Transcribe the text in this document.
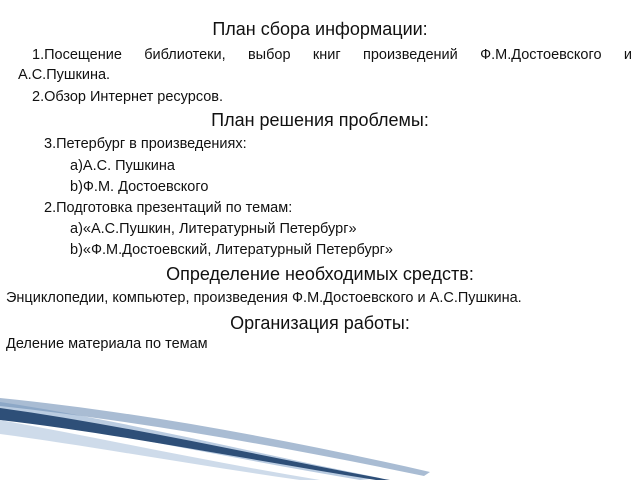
План сбора информации:
1.Посещение библиотеки, выбор книг произведений Ф.М.Достоевского и
А.С.Пушкина.
2.Обзор Интернет ресурсов.
План решения проблемы:
3.Петербург в произведениях:
a)А.С. Пушкина
b)Ф.М. Достоевского
2.Подготовка презентаций по темам:
a)«А.С.Пушкин, Литературный Петербург»
b)«Ф.М.Достоевский, Литературный Петербург»
Определение необходимых средств:
Энциклопедии, компьютер, произведения Ф.М.Достоевского и А.С.Пушкина.
Организация работы:
Деление материала по темам
